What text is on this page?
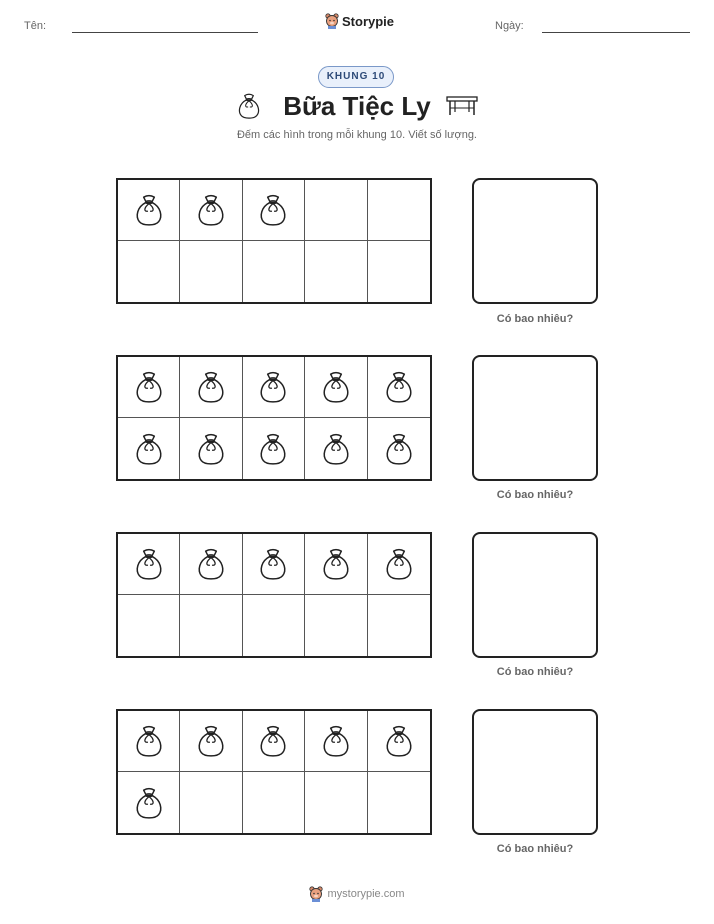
Tên:	Storypie	Ngày:
KHUNG 10
Bữa Tiệc Ly
Đếm các hình trong mỗi khung 10. Viết số lượng.
Có bao nhiêu?
Có bao nhiêu?
Có bao nhiêu?
Có bao nhiêu?
mystorypie.com
